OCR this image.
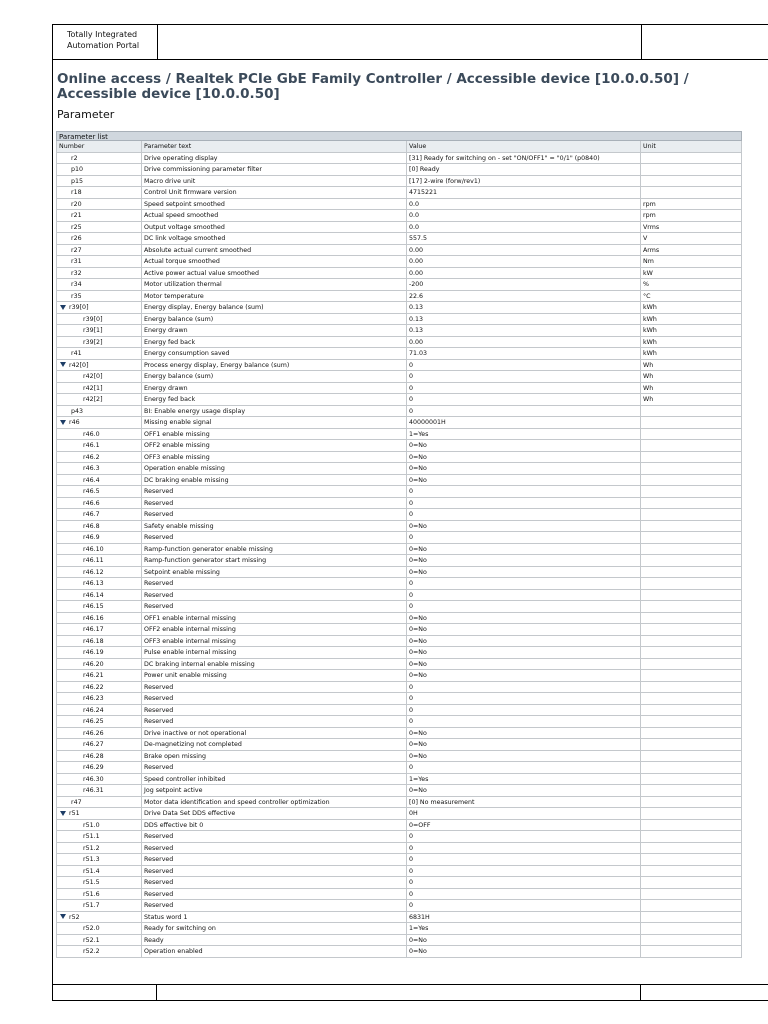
Totally Integrated
Automation Portal
Online access / Realtek PCIe GbE Family Controller / Accessible device [10.0.0.50] / Accessible device [10.0.0.50]
Parameter
Parameter list
Number	Parameter text	Value	Unit
r2	Drive operating display	[31] Ready for switching on - set "ON/OFF1" = "0/1" (p0840)
p10	Drive commissioning parameter filter	[0] Ready
p15	Macro drive unit	[17] 2-wire (forw/rev1)
r18	Control Unit firmware version	4715221
r20	Speed setpoint smoothed	0.0	rpm
r21	Actual speed smoothed	0.0	rpm
r25	Output voltage smoothed	0.0	Vrms
r26	DC link voltage smoothed	557.5	V
r27	Absolute actual current smoothed	0.00	Arms
r31	Actual torque smoothed	0.00	Nm
r32	Active power actual value smoothed	0.00	kW
r34	Motor utilization thermal	-200	%
r35	Motor temperature	22.6	°C
r39[0]	Energy display, Energy balance (sum)	0.13	kWh
r39[0]	Energy balance (sum)	0.13	kWh
r39[1]	Energy drawn	0.13	kWh
r39[2]	Energy fed back	0.00	kWh
r41	Energy consumption saved	71.03	kWh
r42[0]	Process energy display, Energy balance (sum)	0	Wh
r42[0]	Energy balance (sum)	0	Wh
r42[1]	Energy drawn	0	Wh
r42[2]	Energy fed back	0	Wh
p43	BI: Enable energy usage display	0
r46	Missing enable signal	40000001H
r46.0	OFF1 enable missing	1=Yes
r46.1	OFF2 enable missing	0=No
r46.2	OFF3 enable missing	0=No
r46.3	Operation enable missing	0=No
r46.4	DC braking enable missing	0=No
r46.5	Reserved	0
r46.6	Reserved	0
r46.7	Reserved	0
r46.8	Safety enable missing	0=No
r46.9	Reserved	0
r46.10	Ramp-function generator enable missing	0=No
r46.11	Ramp-function generator start missing	0=No
r46.12	Setpoint enable missing	0=No
r46.13	Reserved	0
r46.14	Reserved	0
r46.15	Reserved	0
r46.16	OFF1 enable internal missing	0=No
r46.17	OFF2 enable internal missing	0=No
r46.18	OFF3 enable internal missing	0=No
r46.19	Pulse enable internal missing	0=No
r46.20	DC braking internal enable missing	0=No
r46.21	Power unit enable missing	0=No
r46.22	Reserved	0
r46.23	Reserved	0
r46.24	Reserved	0
r46.25	Reserved	0
r46.26	Drive inactive or not operational	0=No
r46.27	De-magnetizing not completed	0=No
r46.28	Brake open missing	0=No
r46.29	Reserved	0
r46.30	Speed controller inhibited	1=Yes
r46.31	Jog setpoint active	0=No
r47	Motor data identification and speed controller optimization	[0] No measurement
r51	Drive Data Set DDS effective	0H
r51.0	DDS effective bit 0	0=OFF
r51.1	Reserved	0
r51.2	Reserved	0
r51.3	Reserved	0
r51.4	Reserved	0
r51.5	Reserved	0
r51.6	Reserved	0
r51.7	Reserved	0
r52	Status word 1	6831H
r52.0	Ready for switching on	1=Yes
r52.1	Ready	0=No
r52.2	Operation enabled	0=No
